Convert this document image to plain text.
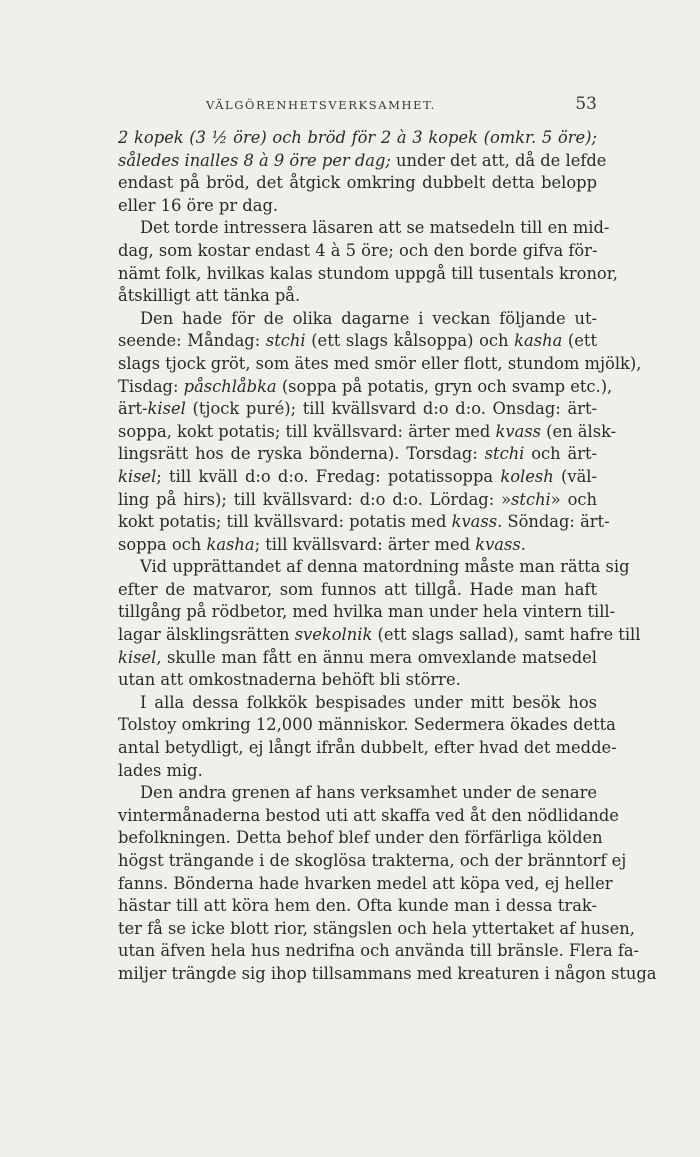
VÄLGÖRENHETSVERKSAMHET.	53
2 kopek (3 ½ öre) och bröd för 2 à 3 kopek (omkr. 5 öre);
således inalles 8 à 9 öre per dag; under det att, då de lefde
endast på bröd, det åtgick omkring dubbelt detta belopp
eller 16 öre pr dag.
Det torde intressera läsaren att se matsedeln till en mid-
dag, som kostar endast 4 à 5 öre; och den borde gifva för-
nämt folk, hvilkas kalas stundom uppgå till tusentals kronor,
åtskilligt att tänka på.
Den hade för de olika dagarne i veckan följande ut-
seende: Måndag: stchi (ett slags kålsoppa) och kasha (ett
slags tjock gröt, som ätes med smör eller flott, stundom mjölk),
Tisdag: påschlåbka (soppa på potatis, gryn och svamp etc.),
ärt-kisel (tjock puré); till kvällsvard d:o d:o. Onsdag: ärt-
soppa, kokt potatis; till kvällsvard: ärter med kvass (en älsk-
lingsrätt hos de ryska bönderna). Torsdag: stchi och ärt-
kisel; till kväll d:o d:o. Fredag: potatissoppa kolesh (väl-
ling på hirs); till kvällsvard: d:o d:o. Lördag: »stchi» och
kokt potatis; till kvällsvard: potatis med kvass. Söndag: ärt-
soppa och kasha; till kvällsvard: ärter med kvass.
Vid upprättandet af denna matordning måste man rätta sig
efter de matvaror, som funnos att tillgå. Hade man haft
tillgång på rödbetor, med hvilka man under hela vintern till-
lagar älsklingsrätten svekolnik (ett slags sallad), samt hafre till
kisel, skulle man fått en ännu mera omvexlande matsedel
utan att omkostnaderna behöft bli större.
I alla dessa folkkök bespisades under mitt besök hos
Tolstoy omkring 12,000 människor. Sedermera ökades detta
antal betydligt, ej långt ifrån dubbelt, efter hvad det medde-
lades mig.
Den andra grenen af hans verksamhet under de senare
vintermånaderna bestod uti att skaffa ved åt den nödlidande
befolkningen. Detta behof blef under den förfärliga kölden
högst trängande i de skoglösa trakterna, och der bränntorf ej
fanns. Bönderna hade hvarken medel att köpa ved, ej heller
hästar till att köra hem den. Ofta kunde man i dessa trak-
ter få se icke blott rior, stängslen och hela yttertaket af husen,
utan äfven hela hus nedrifna och använda till bränsle. Flera fa-
miljer trängde sig ihop tillsammans med kreaturen i någon stuga
